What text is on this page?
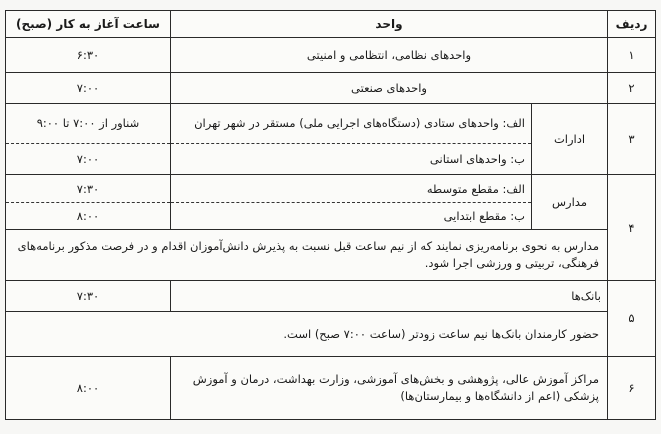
ردیف	واحد		ساعت آغاز به کار (صبح)
۱	واحدهای نظامی، انتظامی و امنیتی		۶:۳۰
۲	واحدهای صنعتی		۷:۰۰
۳	ادارات	الف: واحدهای ستادی (دستگاه‌های اجرایی ملی) مستقر در شهر تهران	شناور از ۷:۰۰ تا ۹:۰۰
		ب: واحدهای استانی	۷:۰۰
۴	مدارس	الف: مقطع متوسطه	۷:۳۰
		ب: مقطع ابتدایی	۸:۰۰
	مدارس به نحوی برنامه‌ریزی نمایند که از نیم ساعت قبل نسبت به پذیرش دانش‌آموزان اقدام و در فرصت مذکور برنامه‌های فرهنگی، تربیتی و ورزشی اجرا شود.		
۵	بانک‌ها		۷:۳۰
	حضور کارمندان بانک‌ها نیم ساعت زودتر (ساعت ۷:۰۰ صبح) است.		
۶	مراکز آموزش عالی، پژوهشی و بخش‌های آموزشی، وزارت بهداشت، درمان و آموزش پزشکی (اعم از دانشگاه‌ها و بیمارستان‌ها)		۸:۰۰
